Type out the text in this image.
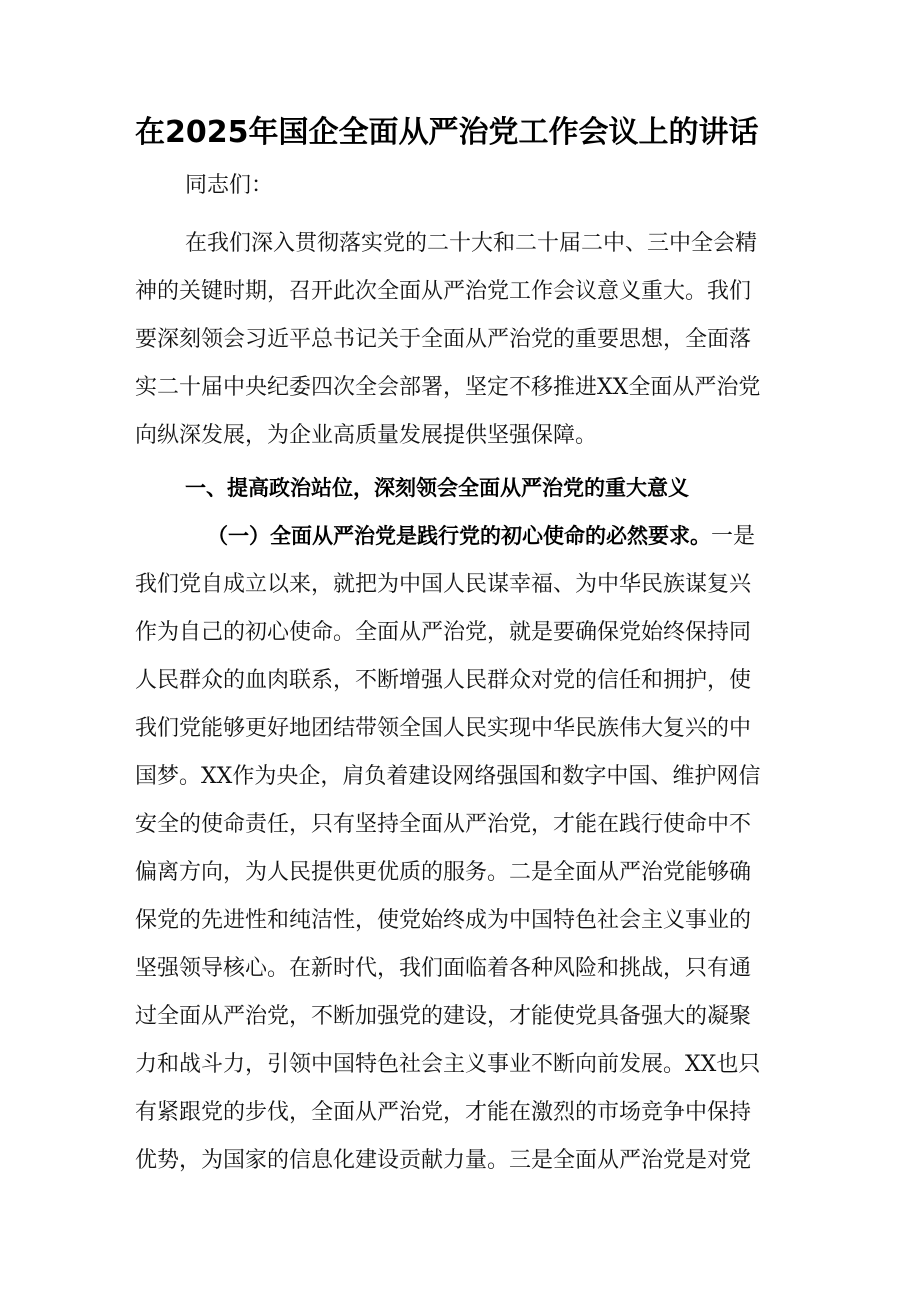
在2025年国企全面从严治党工作会议上的讲话

同志们：

在我们深入贯彻落实党的二十大和二十届二中、三中全会精
神的关键时期，召开此次全面从严治党工作会议意义重大。我们
要深刻领会习近平总书记关于全面从严治党的重要思想，全面落
实二十届中央纪委四次全会部署，坚定不移推进XX全面从严治党
向纵深发展，为企业高质量发展提供坚强保障。

一、提高政治站位，深刻领会全面从严治党的重大意义

（一）全面从严治党是践行党的初心使命的必然要求。一是
我们党自成立以来，就把为中国人民谋幸福、为中华民族谋复兴
作为自己的初心使命。全面从严治党，就是要确保党始终保持同
人民群众的血肉联系，不断增强人民群众对党的信任和拥护，使
我们党能够更好地团结带领全国人民实现中华民族伟大复兴的中
国梦。XX作为央企，肩负着建设网络强国和数字中国、维护网信
安全的使命责任，只有坚持全面从严治党，才能在践行使命中不
偏离方向，为人民提供更优质的服务。二是全面从严治党能够确
保党的先进性和纯洁性，使党始终成为中国特色社会主义事业的
坚强领导核心。在新时代，我们面临着各种风险和挑战，只有通
过全面从严治党，不断加强党的建设，才能使党具备强大的凝聚
力和战斗力，引领中国特色社会主义事业不断向前发展。XX也只
有紧跟党的步伐，全面从严治党，才能在激烈的市场竞争中保持
优势，为国家的信息化建设贡献力量。三是全面从严治党是对党
